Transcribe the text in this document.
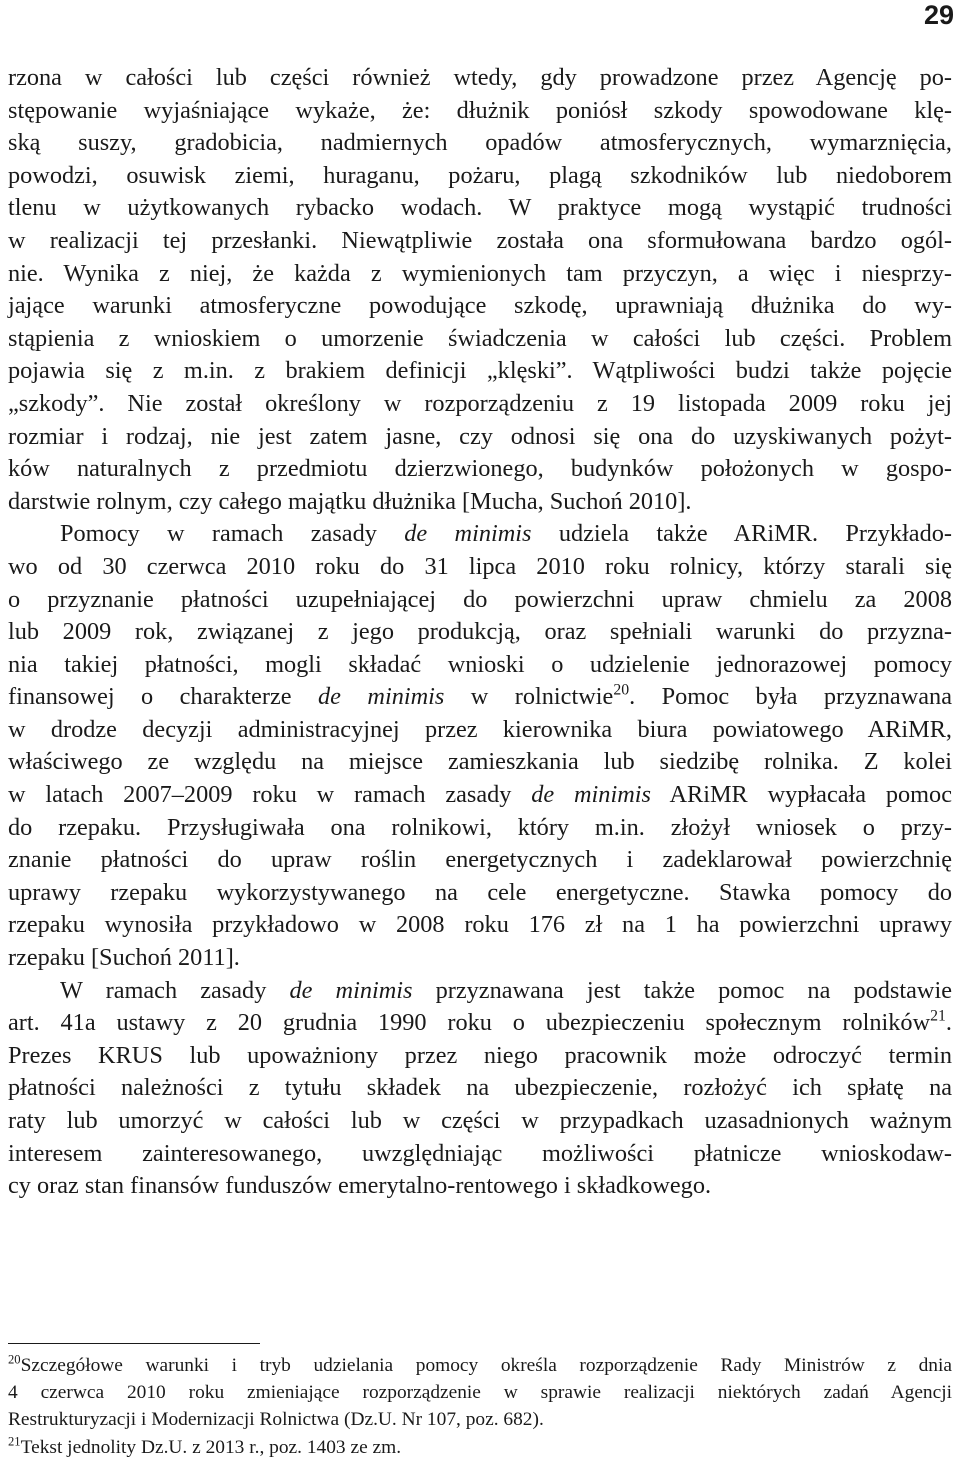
29
rzona w całości lub części również wtedy, gdy prowadzone przez Agencję po-
stępowanie wyjaśniające wykaże, że: dłużnik poniósł szkody spowodowane klę-
ską suszy, gradobicia, nadmiernych opadów atmosferycznych, wymarznięcia,
powodzi, osuwisk ziemi, huraganu, pożaru, plagą szkodników lub niedoborem
tlenu w użytkowanych rybacko wodach. W praktyce mogą wystąpić trudności
w realizacji tej przesłanki. Niewątpliwie została ona sformułowana bardzo ogól-
nie. Wynika z niej, że każda z wymienionych tam przyczyn, a więc i niesprzy-
jające warunki atmosferyczne powodujące szkodę, uprawniają dłużnika do wy-
stąpienia z wnioskiem o umorzenie świadczenia w całości lub części. Problem
pojawia się z m.in. z brakiem definicji „klęski”. Wątpliwości budzi także pojęcie
„szkody”. Nie został określony w rozporządzeniu z 19 listopada 2009 roku jej
rozmiar i rodzaj, nie jest zatem jasne, czy odnosi się ona do uzyskiwanych pożyt-
ków naturalnych z przedmiotu dzierzwionego, budynków położonych w gospo-
darstwie rolnym, czy całego majątku dłużnika [Mucha, Suchoń 2010].
Pomocy w ramach zasady de minimis udziela także ARiMR. Przykłado-
wo od 30 czerwca 2010 roku do 31 lipca 2010 roku rolnicy, którzy starali się
o przyznanie płatności uzupełniającej do powierzchni upraw chmielu za 2008
lub 2009 rok, związanej z jego produkcją, oraz spełniali warunki do przyzna-
nia takiej płatności, mogli składać wnioski o udzielenie jednorazowej pomocy
finansowej o charakterze de minimis w rolnictwie$^{20}$. Pomoc była przyznawana
w drodze decyzji administracyjnej przez kierownika biura powiatowego ARiMR,
właściwego ze względu na miejsce zamieszkania lub siedzibę rolnika. Z kolei
w latach 2007–2009 roku w ramach zasady de minimis ARiMR wypłacała pomoc
do rzepaku. Przysługiwała ona rolnikowi, który m.in. złożył wniosek o przy-
znanie płatności do upraw roślin energetycznych i zadeklarował powierzchnię
uprawy rzepaku wykorzystywanego na cele energetyczne. Stawka pomocy do
rzepaku wynosiła przykładowo w 2008 roku 176 zł na 1 ha powierzchni uprawy
rzepaku [Suchoń 2011].
W ramach zasady de minimis przyznawana jest także pomoc na podstawie
art. 41a ustawy z 20 grudnia 1990 roku o ubezpieczeniu społecznym rolników$^{21}$.
Prezes KRUS lub upoważniony przez niego pracownik może odroczyć termin
płatności należności z tytułu składek na ubezpieczenie, rozłożyć ich spłatę na
raty lub umorzyć w całości lub w części w przypadkach uzasadnionych ważnym
interesem zainteresowanego, uwzględniając możliwości płatnicze wnioskodaw-
cy oraz stan finansów funduszów emerytalno-rentowego i składkowego.
$^{20}$Szczegółowe warunki i tryb udzielania pomocy określa rozporządzenie Rady Ministrów z dnia
4 czerwca 2010 roku zmieniające rozporządzenie w sprawie realizacji niektórych zadań Agencji
Restrukturyzacji i Modernizacji Rolnictwa (Dz.U. Nr 107, poz. 682).
$^{21}$Tekst jednolity Dz.U. z 2013 r., poz. 1403 ze zm.
